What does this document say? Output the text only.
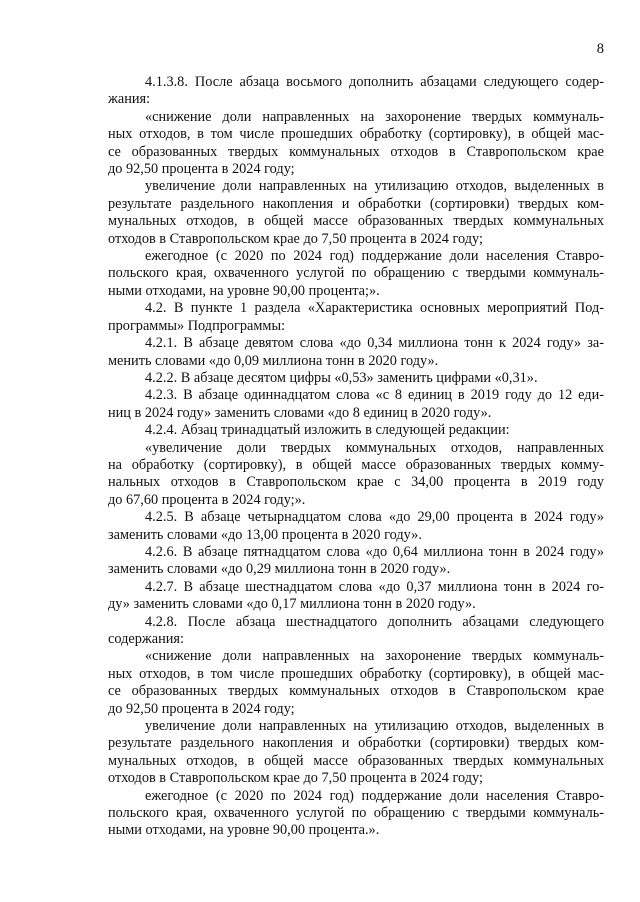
8
4.1.3.8. После абзаца восьмого дополнить абзацами следующего содер-
жания:
«снижение доли направленных на захоронение твердых коммуналь-
ных отходов, в том числе прошедших обработку (сортировку), в общей мас-
се образованных твердых коммунальных отходов в Ставропольском крае
до 92,50 процента в 2024 году;
увеличение доли направленных на утилизацию отходов, выделенных в
результате раздельного накопления и обработки (сортировки) твердых ком-
мунальных отходов, в общей массе образованных твердых коммунальных
отходов в Ставропольском крае до 7,50 процента в 2024 году;
ежегодное (с 2020 по 2024 год) поддержание доли населения Ставро-
польского края, охваченного услугой по обращению с твердыми коммуналь-
ными отходами, на уровне 90,00 процента;».
4.2. В пункте 1 раздела «Характеристика основных мероприятий Под-
программы» Подпрограммы:
4.2.1. В абзаце девятом слова «до 0,34 миллиона тонн к 2024 году» за-
менить словами «до 0,09 миллиона тонн в 2020 году».
4.2.2. В абзаце десятом цифры «0,53» заменить цифрами «0,31».
4.2.3. В абзаце одиннадцатом слова «с 8 единиц в 2019 году до 12 еди-
ниц в 2024 году» заменить словами «до 8 единиц в 2020 году».
4.2.4. Абзац тринадцатый изложить в следующей редакции:
«увеличение доли твердых коммунальных отходов, направленных
на обработку (сортировку), в общей массе образованных твердых комму-
нальных отходов в Ставропольском крае с 34,00 процента в 2019 году
до 67,60 процента в 2024 году;».
4.2.5. В абзаце четырнадцатом слова «до 29,00 процента в 2024 году»
заменить словами «до 13,00 процента в 2020 году».
4.2.6. В абзаце пятнадцатом слова «до 0,64 миллиона тонн в 2024 году»
заменить словами «до 0,29 миллиона тонн в 2020 году».
4.2.7. В абзаце шестнадцатом слова «до 0,37 миллиона тонн в 2024 го-
ду» заменить словами «до 0,17 миллиона тонн в 2020 году».
4.2.8. После абзаца шестнадцатого дополнить абзацами следующего
содержания:
«снижение доли направленных на захоронение твердых коммуналь-
ных отходов, в том числе прошедших обработку (сортировку), в общей мас-
се образованных твердых коммунальных отходов в Ставропольском крае
до 92,50 процента в 2024 году;
увеличение доли направленных на утилизацию отходов, выделенных в
результате раздельного накопления и обработки (сортировки) твердых ком-
мунальных отходов, в общей массе образованных твердых коммунальных
отходов в Ставропольском крае до 7,50 процента в 2024 году;
ежегодное (с 2020 по 2024 год) поддержание доли населения Ставро-
польского края, охваченного услугой по обращению с твердыми коммуналь-
ными отходами, на уровне 90,00 процента.».
